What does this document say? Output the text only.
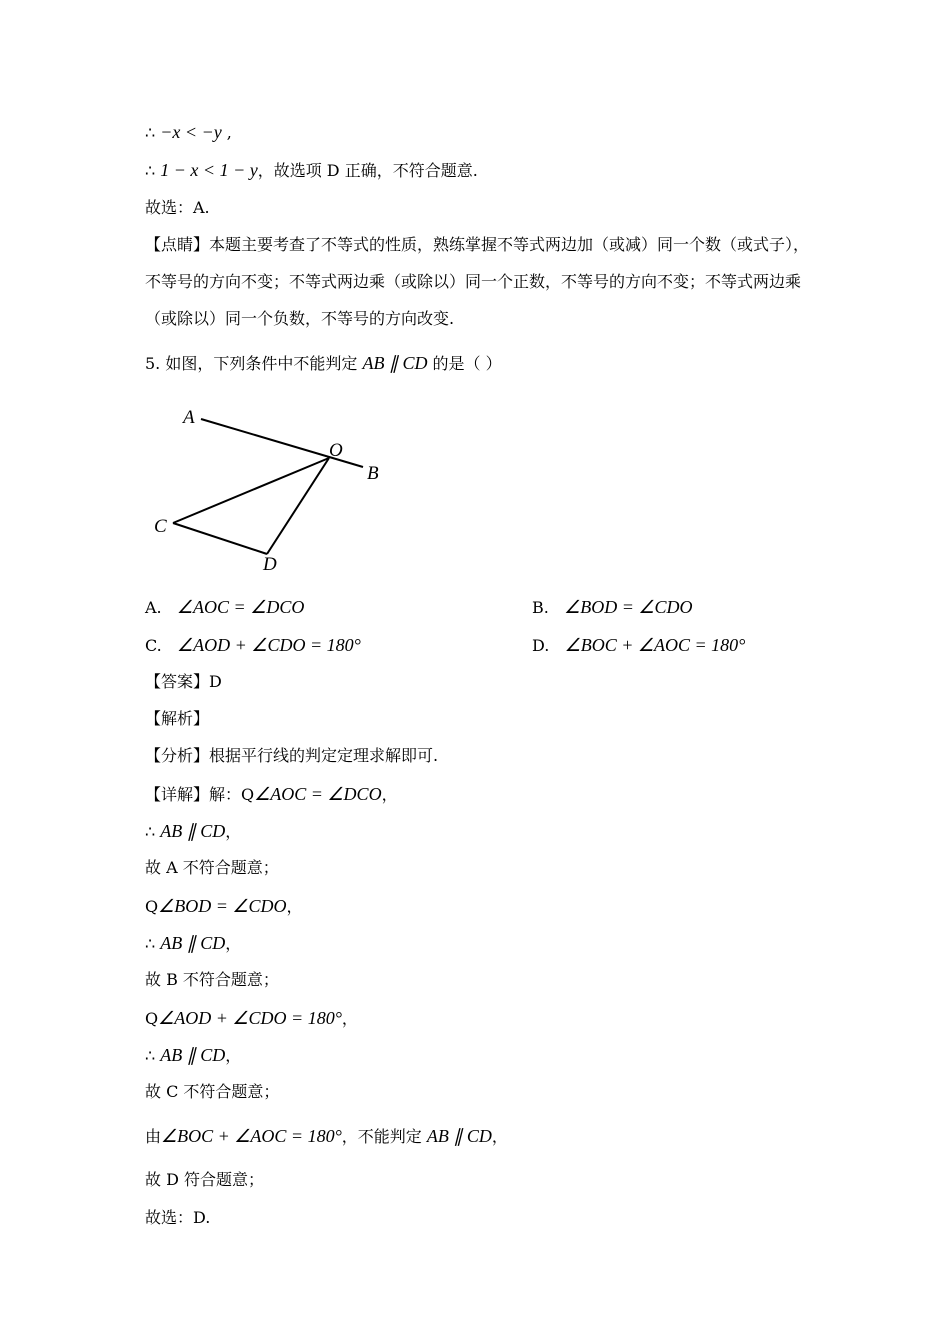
∴ −x < −y ,
∴ 1 − x < 1 − y，故选项 D 正确，不符合题意.
故选：A.
【点睛】本题主要考查了不等式的性质，熟练掌握不等式两边加（或减）同一个数（或式子），不等号的方向不变；不等式两边乘（或除以）同一个正数，不等号的方向不变；不等式两边乘（或除以）同一个负数，不等号的方向改变.
5. 如图，下列条件中不能判定 AB ∥ CD 的是（ ）
A
O
B
C
D
A. ∠AOC = ∠DCO	B. ∠BOD = ∠CDO
C. ∠AOD + ∠CDO = 180°	D. ∠BOC + ∠AOC = 180°
【答案】D
【解析】
【分析】根据平行线的判定定理求解即可.
【详解】解：Q∠AOC = ∠DCO，
∴ AB ∥ CD，
故 A 不符合题意；
Q∠BOD = ∠CDO，
∴ AB ∥ CD，
故 B 不符合题意；
Q∠AOD + ∠CDO = 180°，
∴ AB ∥ CD，
故 C 不符合题意；
由∠BOC + ∠AOC = 180°，不能判定 AB ∥ CD，
故 D 符合题意；
故选：D.
